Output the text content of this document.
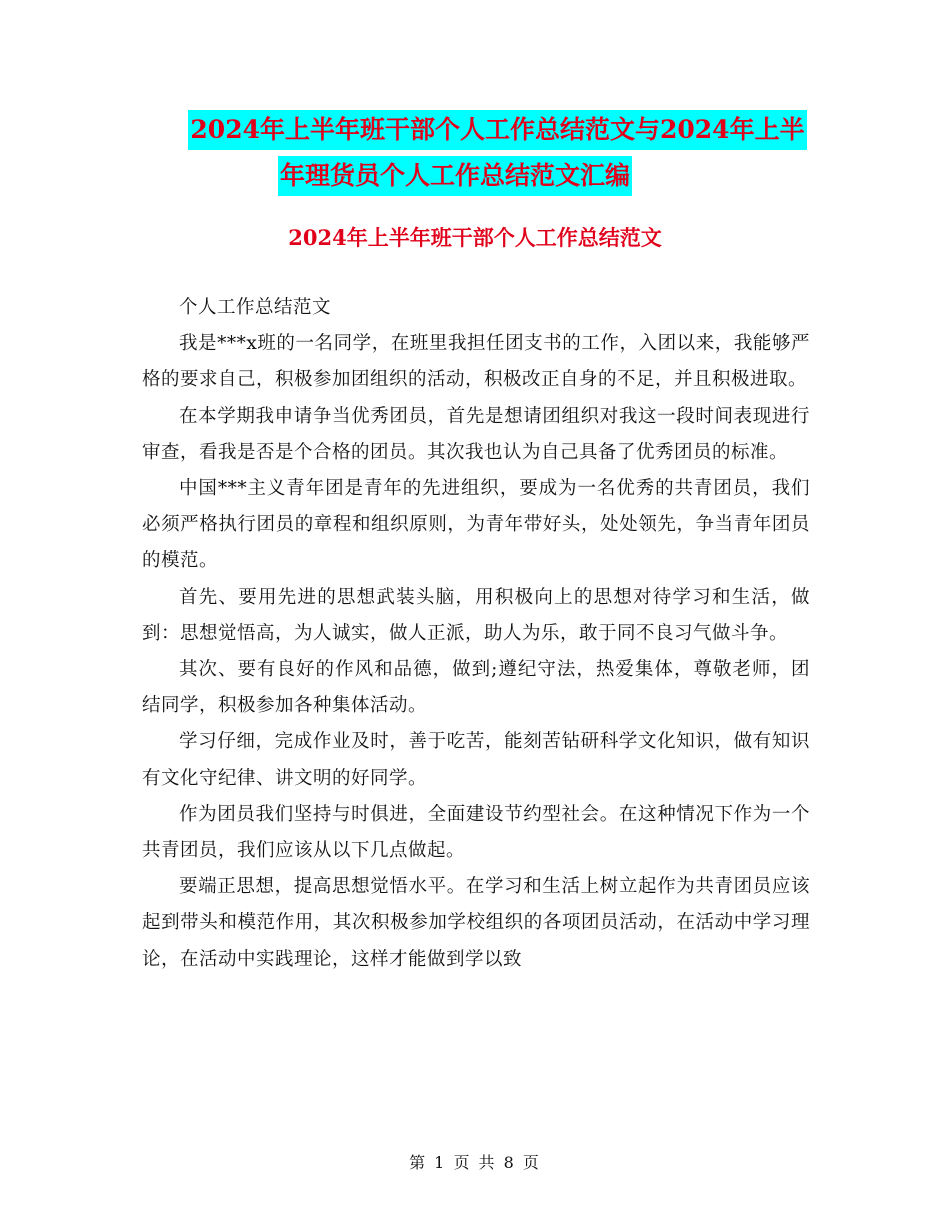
2024年上半年班干部个人工作总结范文与2024年上半
年理货员个人工作总结范文汇编
2024年上半年班干部个人工作总结范文

个人工作总结范文

我是***x班的一名同学，在班里我担任团支书的工作，入团以来，我能够严格的要求自己，积极参加团组织的活动，积极改正自身的不足，并且积极进取。

在本学期我申请争当优秀团员，首先是想请团组织对我这一段时间表现进行审查，看我是否是个合格的团员。其次我也认为自己具备了优秀团员的标准。

中国***主义青年团是青年的先进组织，要成为一名优秀的共青团员，我们必须严格执行团员的章程和组织原则，为青年带好头，处处领先，争当青年团员的模范。

首先、要用先进的思想武装头脑，用积极向上的思想对待学习和生活，做到：思想觉悟高，为人诚实，做人正派，助人为乐，敢于同不良习气做斗争。

其次、要有良好的作风和品德，做到;遵纪守法，热爱集体，尊敬老师，团结同学，积极参加各种集体活动。

学习仔细，完成作业及时，善于吃苦，能刻苦钻研科学文化知识，做有知识有文化守纪律、讲文明的好同学。

作为团员我们坚持与时俱进，全面建设节约型社会。在这种情况下作为一个共青团员，我们应该从以下几点做起。

要端正思想，提高思想觉悟水平。在学习和生活上树立起作为共青团员应该起到带头和模范作用，其次积极参加学校组织的各项团员活动，在活动中学习理论，在活动中实践理论，这样才能做到学以致

第 1 页 共 8 页
